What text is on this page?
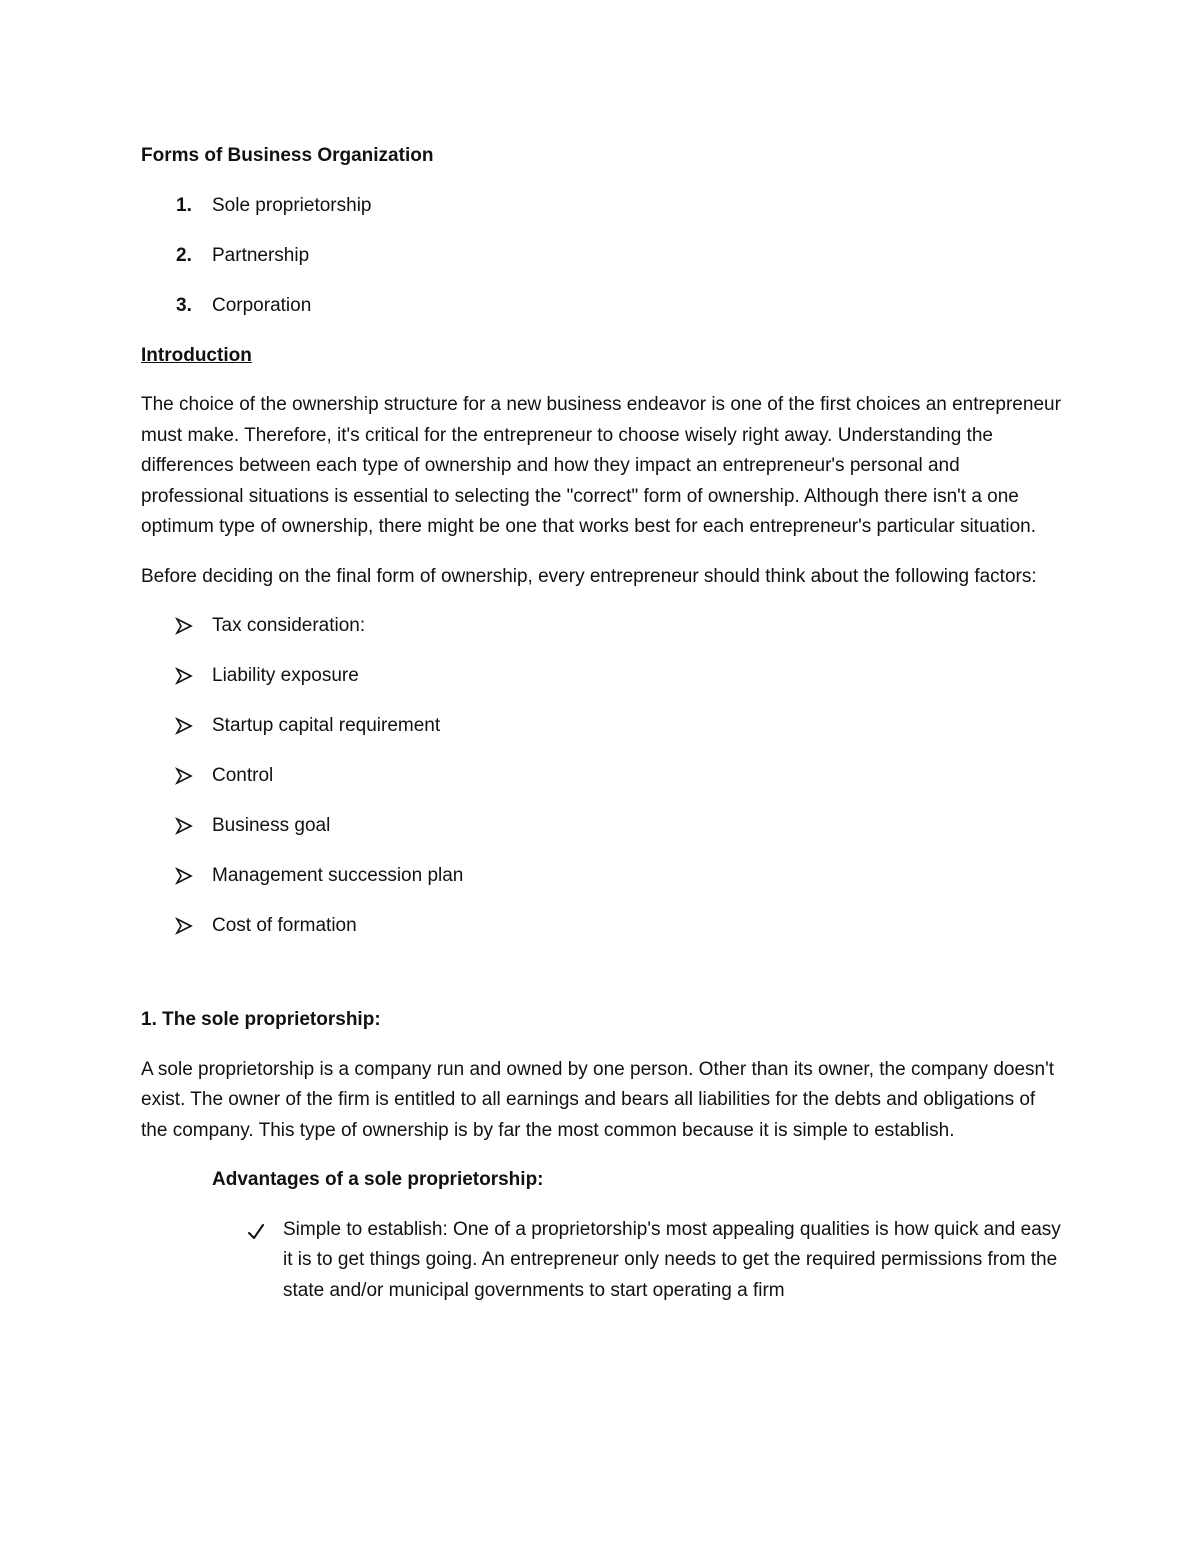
Forms of Business Organization
1.	Sole proprietorship
2.	Partnership
3.	Corporation
Introduction

The choice of the ownership structure for a new business endeavor is one of the first choices an entrepreneur must make. Therefore, it's critical for the entrepreneur to choose wisely right away. Understanding the differences between each type of ownership and how they impact an entrepreneur's personal and professional situations is essential to selecting the "correct" form of ownership. Although there isn't a one optimum type of ownership, there might be one that works best for each entrepreneur's particular situation.

Before deciding on the final form of ownership, every entrepreneur should think about the following factors:

Tax consideration:
Liability exposure
Startup capital requirement
Control
Business goal
Management succession plan
Cost of formation
1. The sole proprietorship:

A sole proprietorship is a company run and owned by one person. Other than its owner, the company doesn't exist. The owner of the firm is entitled to all earnings and bears all liabilities for the debts and obligations of the company. This type of ownership is by far the most common because it is simple to establish.

Advantages of a sole proprietorship:
Simple to establish: One of a proprietorship's most appealing qualities is how quick and easy it is to get things going. An entrepreneur only needs to get the required permissions from the state and/or municipal governments to start operating a firm
